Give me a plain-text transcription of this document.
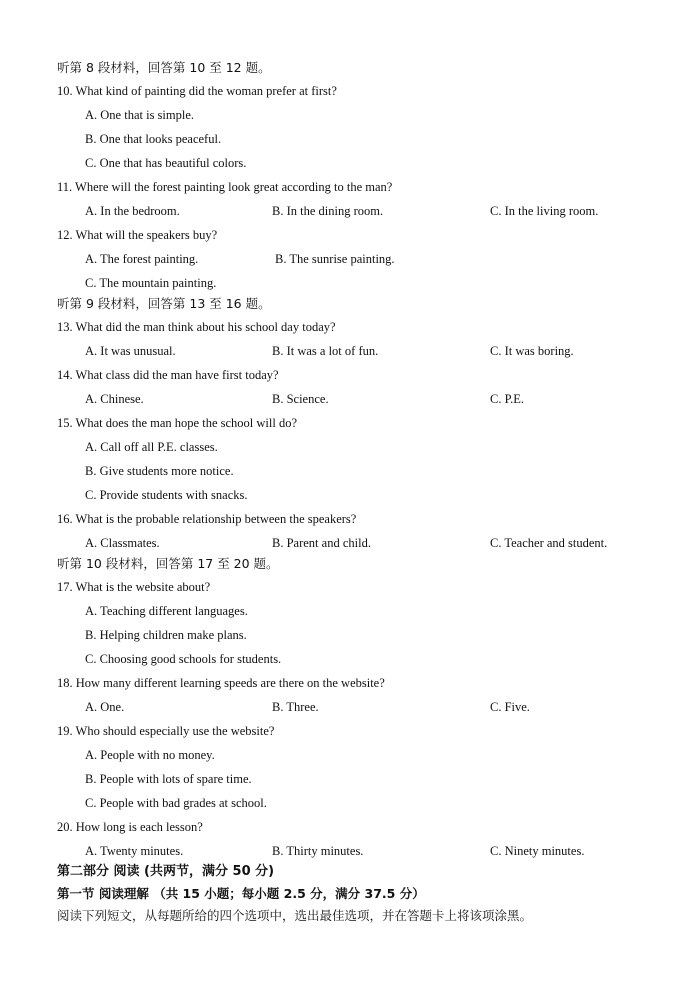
听第 8 段材料，回答第 10 至 12 题。
10. What kind of painting did the woman prefer at first?
A. One that is simple.
B. One that looks peaceful.
C. One that has beautiful colors.
11. Where will the forest painting look great according to the man?
A. In the bedroom.	B. In the dining room.	C. In the living room.
12. What will the speakers buy?
A. The forest painting.	B. The sunrise painting.
C. The mountain painting.
听第 9 段材料，回答第 13 至 16 题。
13. What did the man think about his school day today?
A. It was unusual.	B. It was a lot of fun.	C. It was boring.
14. What class did the man have first today?
A. Chinese.	B. Science.	C. P.E.
15. What does the man hope the school will do?
A. Call off all P.E. classes.
B. Give students more notice.
C. Provide students with snacks.
16. What is the probable relationship between the speakers?
A. Classmates.	B. Parent and child.	C. Teacher and student.
听第 10 段材料，回答第 17 至 20 题。
17. What is the website about?
A. Teaching different languages.
B. Helping children make plans.
C. Choosing good schools for students.
18. How many different learning speeds are there on the website?
A. One.	B. Three.	C. Five.
19. Who should especially use the website?
A. People with no money.
B. People with lots of spare time.
C. People with bad grades at school.
20. How long is each lesson?
A. Twenty minutes.	B. Thirty minutes.	C. Ninety minutes.
第二部分 阅读 (共两节，满分 50 分)
第一节 阅读理解 （共 15 小题；每小题 2.5 分，满分 37.5 分）
阅读下列短文，从每题所给的四个选项中，选出最佳选项，并在答题卡上将该项涂黑。
